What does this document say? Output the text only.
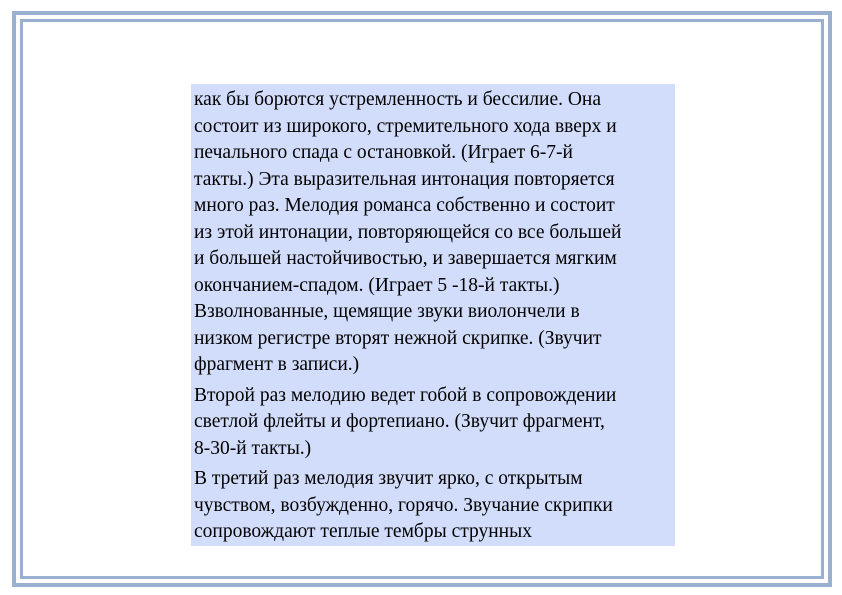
как бы борются устремленность и бессилие. Она
состоит из широкого, стремительного хода вверх и
печального спада с остановкой. (Играет 6-7-й
такты.) Эта выразительная интонация повторяется
много раз. Мелодия романса собственно и состоит
из этой интонации, повторяющейся со все большей
и большей настойчивостью, и завершается мягким
окончанием-спадом. (Играет 5 -18-й такты.)
Взволнованные, щемящие звуки виолончели в
низком регистре вторят нежной скрипке. (Звучит
фрагмент в записи.)

Второй раз мелодию ведет гобой в сопровождении
светлой флейты и фортепиано. (Звучит фрагмент,
8-30-й такты.)

В третий раз мелодия звучит ярко, с открытым
чувством, возбужденно, горячо. Звучание скрипки
сопровождают теплые тембры струнных
